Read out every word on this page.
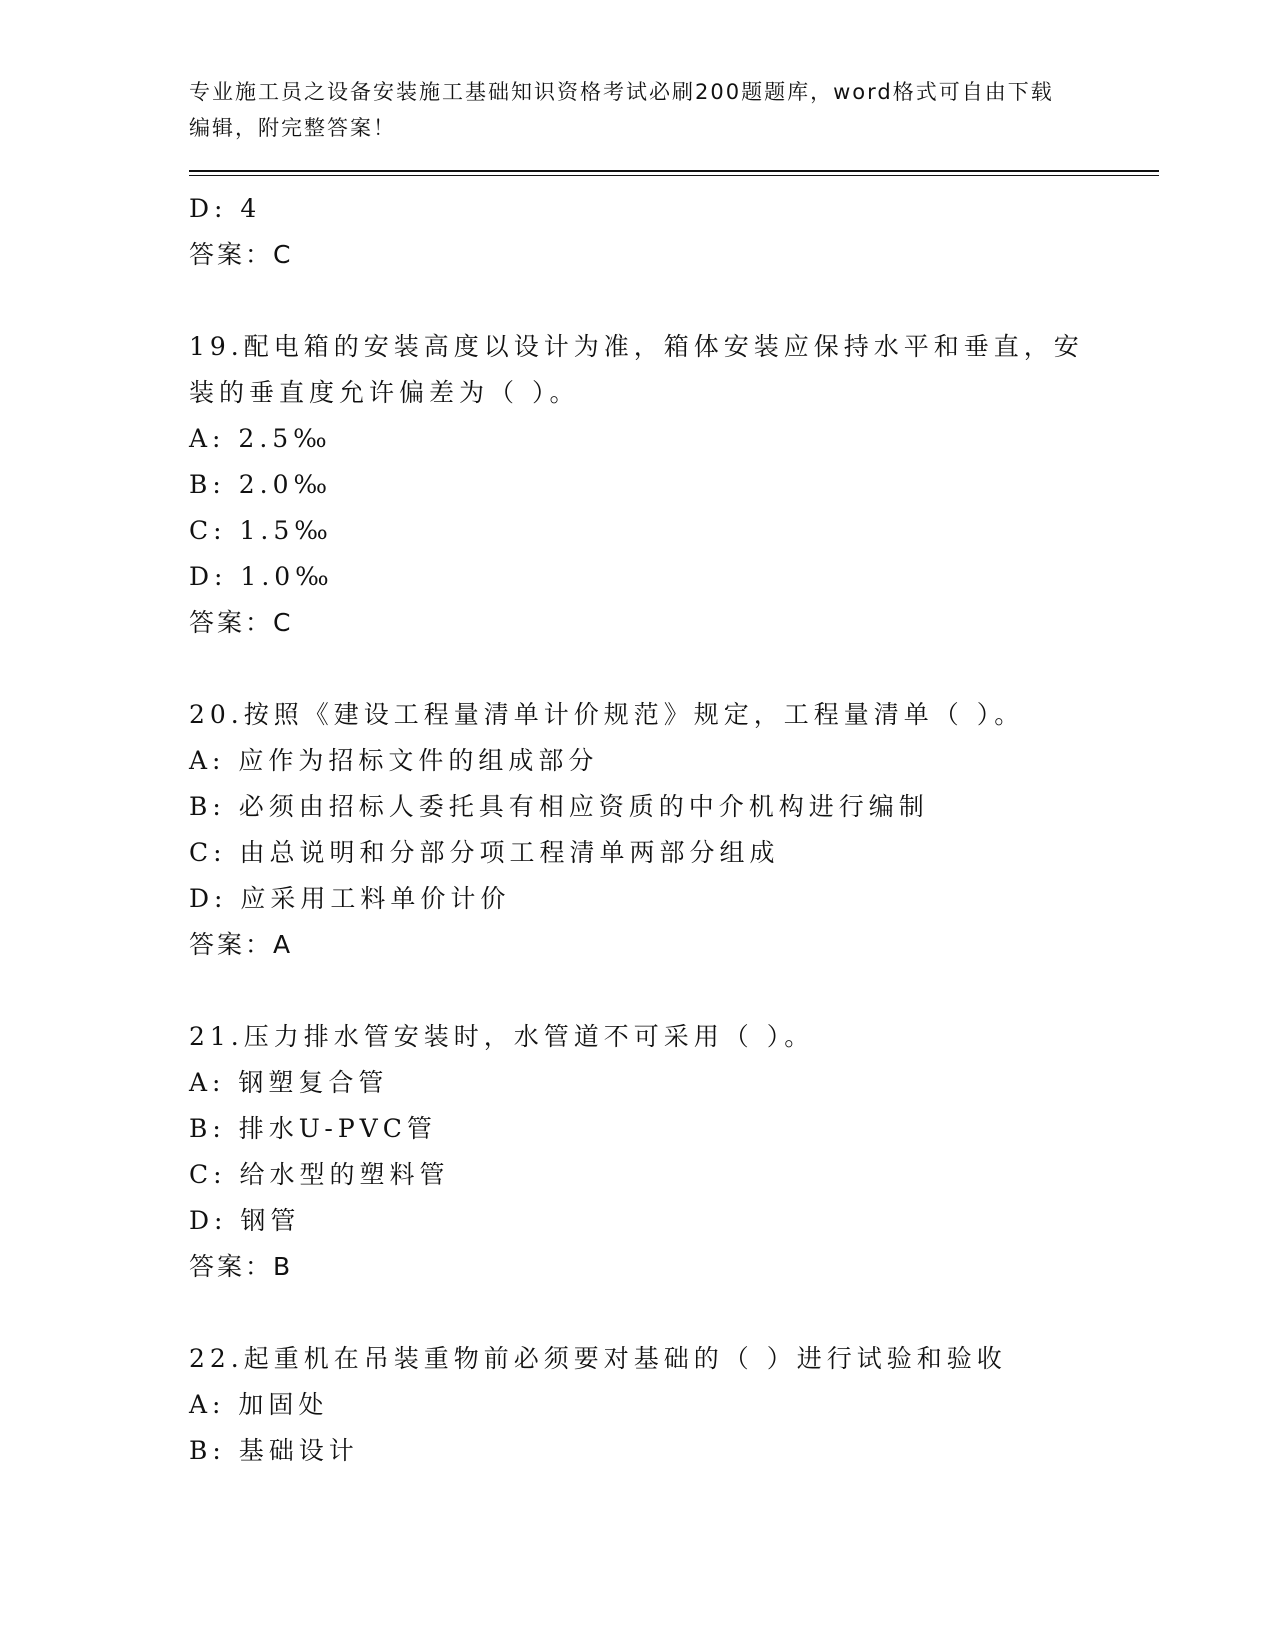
专业施工员之设备安装施工基础知识资格考试必刷200题题库，word格式可自由下载编辑，附完整答案！
D: 4
答案：C
19.配电箱的安装高度以设计为准，箱体安装应保持水平和垂直，安装的垂直度允许偏差为（ ）。
A: 2.5‰
B: 2.0‰
C: 1.5‰
D: 1.0‰
答案：C
20.按照《建设工程量清单计价规范》规定，工程量清单（ ）。
A: 应作为招标文件的组成部分
B: 必须由招标人委托具有相应资质的中介机构进行编制
C: 由总说明和分部分项工程清单两部分组成
D: 应采用工料单价计价
答案：A
21.压力排水管安装时，水管道不可采用（ ）。
A: 钢塑复合管
B: 排水U-PVC管
C: 给水型的塑料管
D: 钢管
答案：B
22.起重机在吊装重物前必须要对基础的（ ）进行试验和验收
A: 加固处
B: 基础设计
